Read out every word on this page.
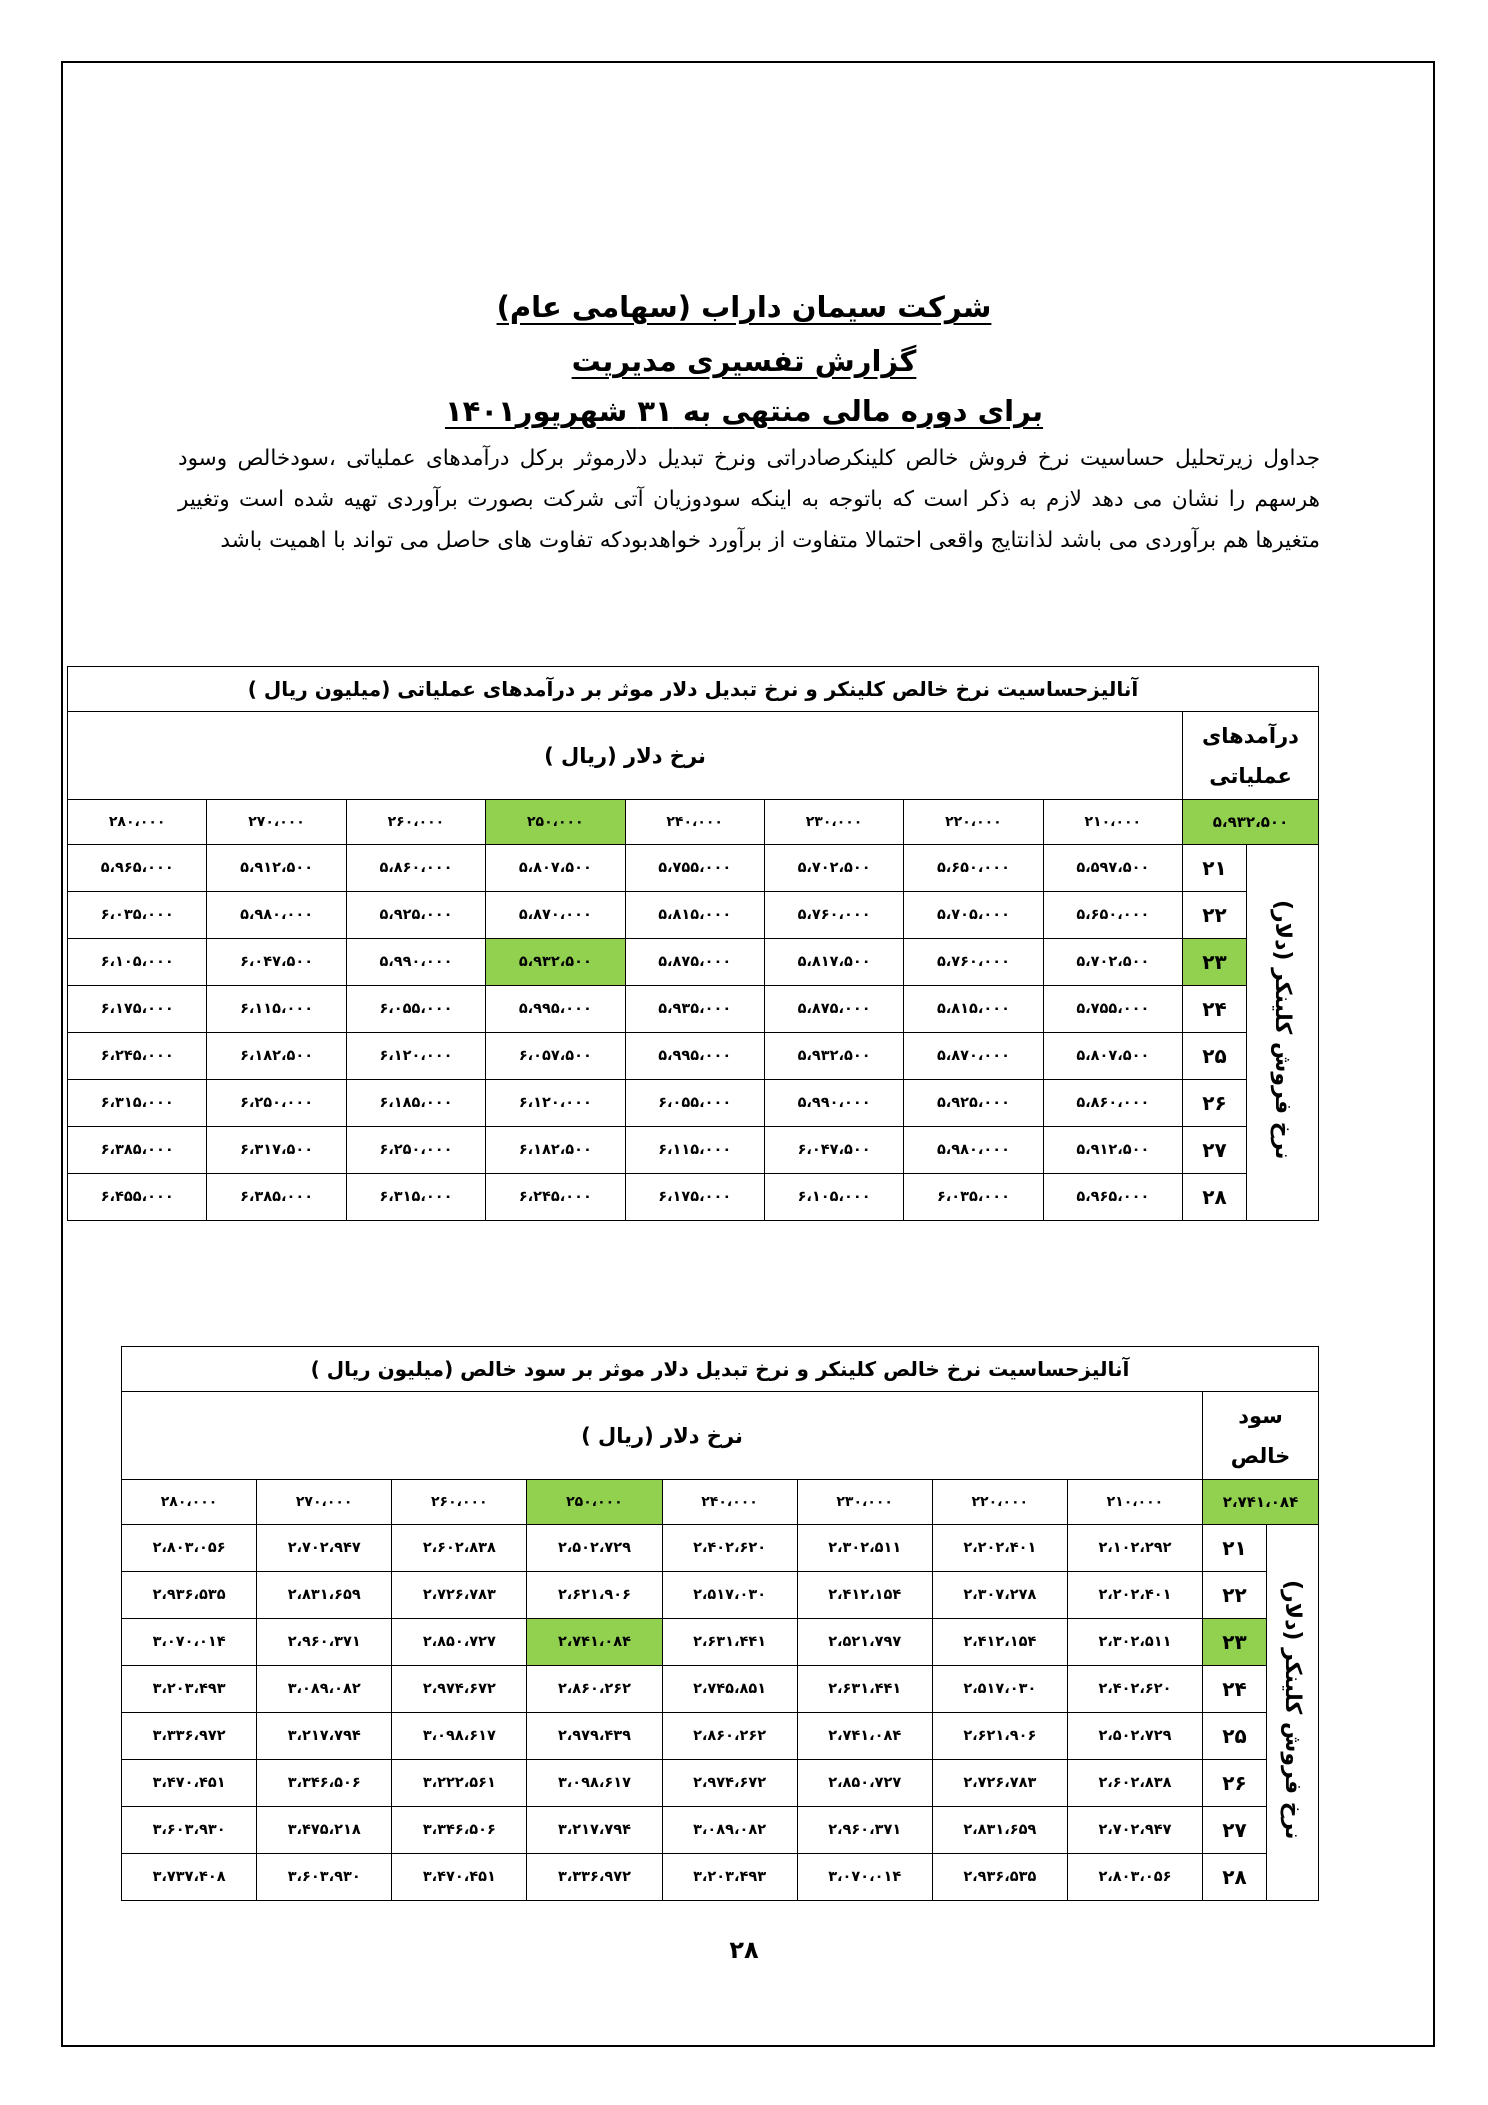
شرکت سیمان داراب (سهامی عام)
گزارش تفسیری مدیریت
برای دوره مالی منتهی به ۳۱ شهریور۱۴۰۱
جداول زیرتحلیل حساسیت نرخ فروش خالص کلینکرصادراتی ونرخ تبدیل دلارموثر برکل درآمدهای عملیاتی ،سودخالص وسود هرسهم را نشان می دهد لازم به ذکر است که باتوجه به اینکه سودوزیان آتی شرکت بصورت برآوردی تهیه شده است وتغییر متغیرها هم برآوردی می باشد لذانتایج واقعی احتمالا متفاوت از برآورد خواهدبودکه تفاوت های حاصل می تواند با اهمیت باشد
آنالیزحساسیت نرخ خالص کلینکر و نرخ تبدیل دلار موثر بر درآمدهای عملیاتی (میلیون ریال )									
درآمدهای عملیاتی		نرخ دلار (ریال )							
۵،۹۳۲،۵۰۰		۲۱۰،۰۰۰	۲۲۰،۰۰۰	۲۳۰،۰۰۰	۲۴۰،۰۰۰	۲۵۰،۰۰۰	۲۶۰،۰۰۰	۲۷۰،۰۰۰	۲۸۰،۰۰۰
نرخ فروش کلینکر (دلار)	۲۱	۵،۵۹۷،۵۰۰	۵،۶۵۰،۰۰۰	۵،۷۰۲،۵۰۰	۵،۷۵۵،۰۰۰	۵،۸۰۷،۵۰۰	۵،۸۶۰،۰۰۰	۵،۹۱۲،۵۰۰	۵،۹۶۵،۰۰۰
	۲۲	۵،۶۵۰،۰۰۰	۵،۷۰۵،۰۰۰	۵،۷۶۰،۰۰۰	۵،۸۱۵،۰۰۰	۵،۸۷۰،۰۰۰	۵،۹۲۵،۰۰۰	۵،۹۸۰،۰۰۰	۶،۰۳۵،۰۰۰
	۲۳	۵،۷۰۲،۵۰۰	۵،۷۶۰،۰۰۰	۵،۸۱۷،۵۰۰	۵،۸۷۵،۰۰۰	۵،۹۳۲،۵۰۰	۵،۹۹۰،۰۰۰	۶،۰۴۷،۵۰۰	۶،۱۰۵،۰۰۰
	۲۴	۵،۷۵۵،۰۰۰	۵،۸۱۵،۰۰۰	۵،۸۷۵،۰۰۰	۵،۹۳۵،۰۰۰	۵،۹۹۵،۰۰۰	۶،۰۵۵،۰۰۰	۶،۱۱۵،۰۰۰	۶،۱۷۵،۰۰۰
	۲۵	۵،۸۰۷،۵۰۰	۵،۸۷۰،۰۰۰	۵،۹۳۲،۵۰۰	۵،۹۹۵،۰۰۰	۶،۰۵۷،۵۰۰	۶،۱۲۰،۰۰۰	۶،۱۸۲،۵۰۰	۶،۲۴۵،۰۰۰
	۲۶	۵،۸۶۰،۰۰۰	۵،۹۲۵،۰۰۰	۵،۹۹۰،۰۰۰	۶،۰۵۵،۰۰۰	۶،۱۲۰،۰۰۰	۶،۱۸۵،۰۰۰	۶،۲۵۰،۰۰۰	۶،۳۱۵،۰۰۰
	۲۷	۵،۹۱۲،۵۰۰	۵،۹۸۰،۰۰۰	۶،۰۴۷،۵۰۰	۶،۱۱۵،۰۰۰	۶،۱۸۲،۵۰۰	۶،۲۵۰،۰۰۰	۶،۳۱۷،۵۰۰	۶،۳۸۵،۰۰۰
	۲۸	۵،۹۶۵،۰۰۰	۶،۰۳۵،۰۰۰	۶،۱۰۵،۰۰۰	۶،۱۷۵،۰۰۰	۶،۲۴۵،۰۰۰	۶،۳۱۵،۰۰۰	۶،۳۸۵،۰۰۰	۶،۴۵۵،۰۰۰
آنالیزحساسیت نرخ خالص کلینکر و نرخ تبدیل دلار موثر بر سود خالص (میلیون ریال )									
سود خالص		نرخ دلار (ریال )							
۲،۷۴۱،۰۸۴		۲۱۰،۰۰۰	۲۲۰،۰۰۰	۲۳۰،۰۰۰	۲۴۰،۰۰۰	۲۵۰،۰۰۰	۲۶۰،۰۰۰	۲۷۰،۰۰۰	۲۸۰،۰۰۰
نرخ فروش کلینکر (دلار)	۲۱	۲،۱۰۲،۲۹۲	۲،۲۰۲،۴۰۱	۲،۳۰۲،۵۱۱	۲،۴۰۲،۶۲۰	۲،۵۰۲،۷۲۹	۲،۶۰۲،۸۳۸	۲،۷۰۲،۹۴۷	۲،۸۰۳،۰۵۶
	۲۲	۲،۲۰۲،۴۰۱	۲،۳۰۷،۲۷۸	۲،۴۱۲،۱۵۴	۲،۵۱۷،۰۳۰	۲،۶۲۱،۹۰۶	۲،۷۲۶،۷۸۳	۲،۸۳۱،۶۵۹	۲،۹۳۶،۵۳۵
	۲۳	۲،۳۰۲،۵۱۱	۲،۴۱۲،۱۵۴	۲،۵۲۱،۷۹۷	۲،۶۳۱،۴۴۱	۲،۷۴۱،۰۸۴	۲،۸۵۰،۷۲۷	۲،۹۶۰،۳۷۱	۳،۰۷۰،۰۱۴
	۲۴	۲،۴۰۲،۶۲۰	۲،۵۱۷،۰۳۰	۲،۶۳۱،۴۴۱	۲،۷۴۵،۸۵۱	۲،۸۶۰،۲۶۲	۲،۹۷۴،۶۷۲	۳،۰۸۹،۰۸۲	۳،۲۰۳،۴۹۳
	۲۵	۲،۵۰۲،۷۲۹	۲،۶۲۱،۹۰۶	۲،۷۴۱،۰۸۴	۲،۸۶۰،۲۶۲	۲،۹۷۹،۴۳۹	۳،۰۹۸،۶۱۷	۳،۲۱۷،۷۹۴	۳،۳۳۶،۹۷۲
	۲۶	۲،۶۰۲،۸۳۸	۲،۷۲۶،۷۸۳	۲،۸۵۰،۷۲۷	۲،۹۷۴،۶۷۲	۳،۰۹۸،۶۱۷	۳،۲۲۲،۵۶۱	۳،۳۴۶،۵۰۶	۳،۴۷۰،۴۵۱
	۲۷	۲،۷۰۲،۹۴۷	۲،۸۳۱،۶۵۹	۲،۹۶۰،۳۷۱	۳،۰۸۹،۰۸۲	۳،۲۱۷،۷۹۴	۳،۳۴۶،۵۰۶	۳،۴۷۵،۲۱۸	۳،۶۰۳،۹۳۰
	۲۸	۲،۸۰۳،۰۵۶	۲،۹۳۶،۵۳۵	۳،۰۷۰،۰۱۴	۳،۲۰۳،۴۹۳	۳،۳۳۶،۹۷۲	۳،۴۷۰،۴۵۱	۳،۶۰۳،۹۳۰	۳،۷۳۷،۴۰۸
۲۸
